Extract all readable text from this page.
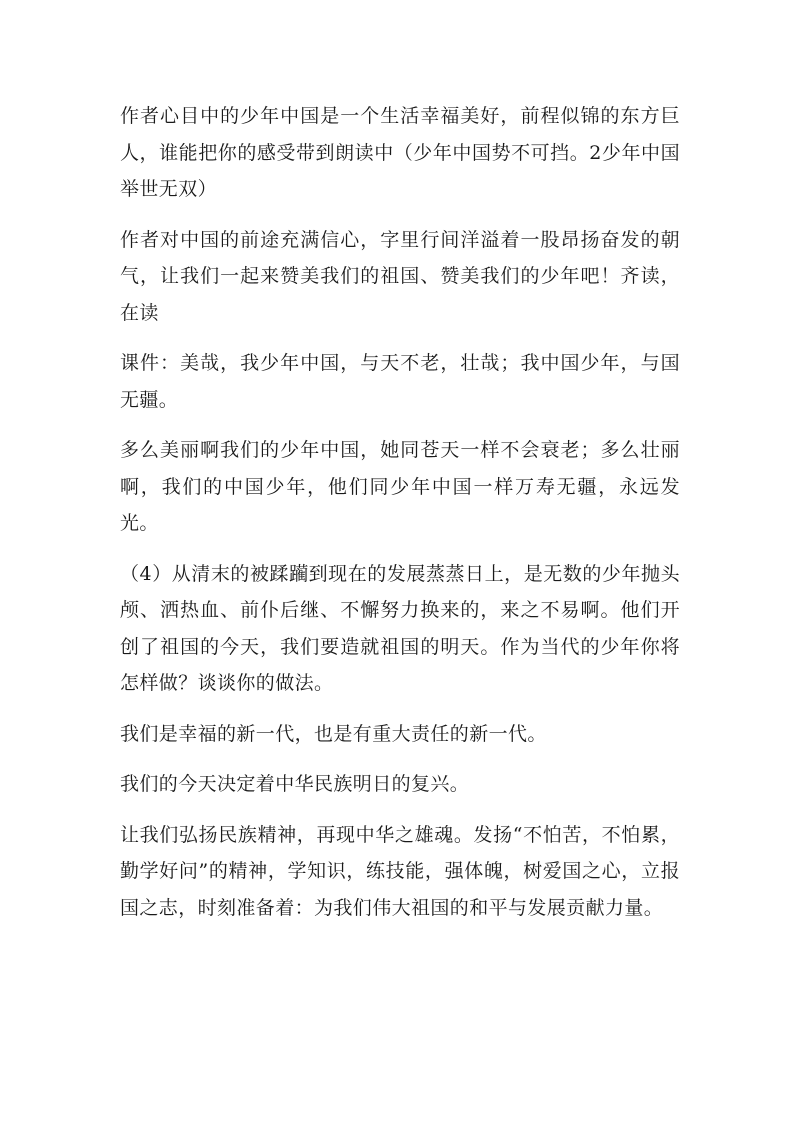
作者心目中的少年中国是一个生活幸福美好，前程似锦的东方巨人，谁能把你的感受带到朗读中（少年中国势不可挡。2少年中国举世无双）

作者对中国的前途充满信心，字里行间洋溢着一股昂扬奋发的朝气，让我们一起来赞美我们的祖国、赞美我们的少年吧！齐读，在读

课件：美哉，我少年中国，与天不老，壮哉；我中国少年，与国无疆。

多么美丽啊我们的少年中国，她同苍天一样不会衰老；多么壮丽啊，我们的中国少年，他们同少年中国一样万寿无疆，永远发光。

（4）从清末的被蹂躏到现在的发展蒸蒸日上，是无数的少年抛头颅、洒热血、前仆后继、不懈努力换来的，来之不易啊。他们开创了祖国的今天，我们要造就祖国的明天。作为当代的少年你将怎样做？谈谈你的做法。

我们是幸福的新一代，也是有重大责任的新一代。

我们的今天决定着中华民族明日的复兴。

让我们弘扬民族精神，再现中华之雄魂。发扬“不怕苦，不怕累，勤学好问”的精神，学知识，练技能，强体魄，树爱国之心，立报国之志，时刻准备着：为我们伟大祖国的和平与发展贡献力量。
